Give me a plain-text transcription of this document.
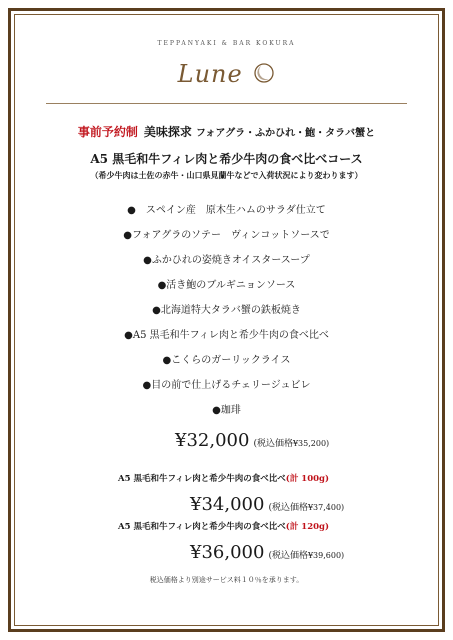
TEPPANYAKI & BAR KOKURA
Lune
事前予約制 美味探求 フォアグラ・ふかひれ・鮑・タラバ蟹と
A5 黒毛和牛フィレ肉と希少牛肉の食べ比べコース
（希少牛肉は土佐の赤牛・山口県見蘭牛などで入荷状況により変わります）
●　スペイン産　原木生ハムのサラダ仕立て
●フォアグラのソテー　ヴィンコットソースで
●ふかひれの姿焼きオイスタースープ
●活き鮑のブルギニョンソース
●北海道特大タラバ蟹の鉄板焼き
●A5 黒毛和牛フィレ肉と希少牛肉の食べ比べ
●こくらのガーリックライス
●目の前で仕上げるチェリージュビレ
●珈琲
¥32,000 (税込価格¥35,200)
A5 黒毛和牛フィレ肉と希少牛肉の食べ比べ(計 100g)
¥34,000 (税込価格¥37,400)
A5 黒毛和牛フィレ肉と希少牛肉の食べ比べ(計 120g)
¥36,000 (税込価格¥39,600)
税込価格より別途サービス料１０％を承ります。
